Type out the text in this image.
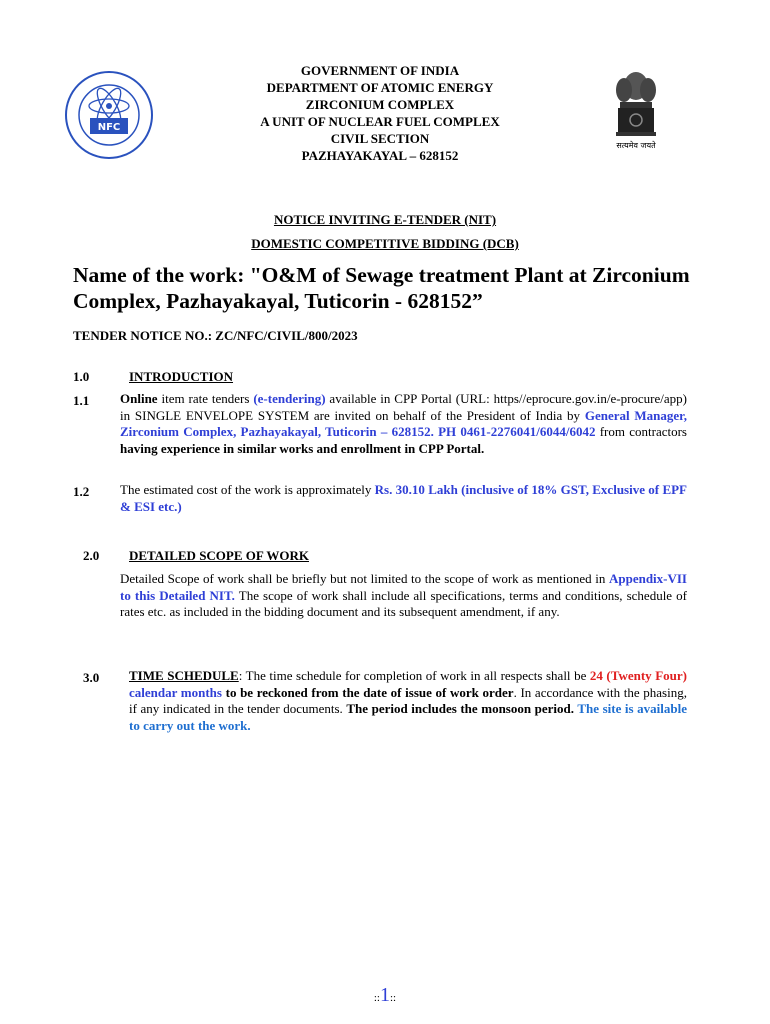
NFC
सत्यमेव जयते
GOVERNMENT OF INDIA
DEPARTMENT OF ATOMIC ENERGY
ZIRCONIUM COMPLEX
A UNIT OF NUCLEAR FUEL COMPLEX
CIVIL SECTION
PAZHAYAKAYAL – 628152
NOTICE INVITING E-TENDER (NIT)
DOMESTIC COMPETITIVE BIDDING (DCB)
Name of the work: "O&M of Sewage treatment Plant at Zirconium Complex, Pazhayakayal, Tuticorin - 628152”
TENDER NOTICE NO.: ZC/NFC/CIVIL/800/2023
1.0	INTRODUCTION
1.1 Online item rate tenders (e-tendering) available in CPP Portal (URL: https//eprocure.gov.in/e-procure/app) in SINGLE ENVELOPE SYSTEM are invited on behalf of the President of India by General Manager, Zirconium Complex, Pazhayakayal, Tuticorin – 628152. PH 0461-2276041/6044/6042 from contractors having experience in similar works and enrollment in CPP Portal.
1.2 The estimated cost of the work is approximately Rs. 30.10 Lakh (inclusive of 18% GST, Exclusive of EPF & ESI etc.)
2.0 DETAILED SCOPE OF WORK
Detailed Scope of work shall be briefly but not limited to the scope of work as mentioned in Appendix-VII to this Detailed NIT. The scope of work shall include all specifications, terms and conditions, schedule of rates etc. as included in the bidding document and its subsequent amendment, if any.
3.0 TIME SCHEDULE: The time schedule for completion of work in all respects shall be 24 (Twenty Four) calendar months to be reckoned from the date of issue of work order. In accordance with the phasing, if any indicated in the tender documents. The period includes the monsoon period. The site is available to carry out the work.
::1::
